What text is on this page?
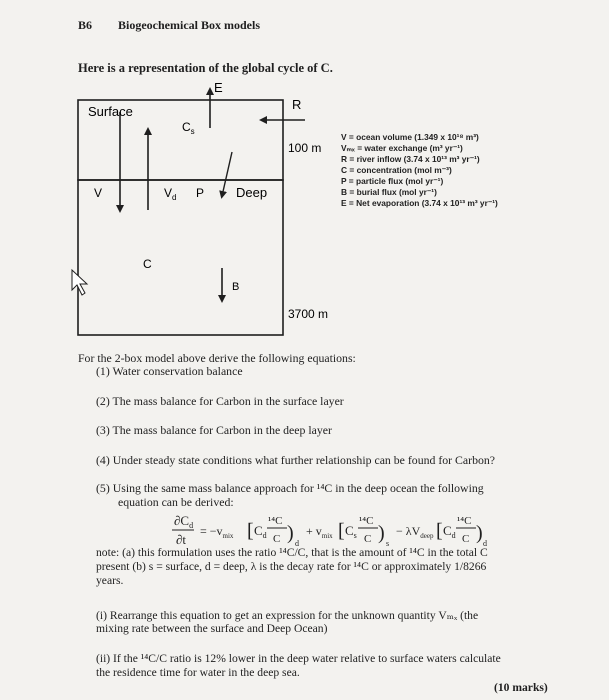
B6 Biogeochemical Box models
Here is a representation of the global cycle of C.
E
R
Surface
$C_s$
100 m
V	$V_d$ P Deep
C
B
3700 m
V = ocean volume (1.349 x 10¹⁸ m³)
Vₘₓ = water exchange (m³ yr⁻¹)
R = river inflow (3.74 x 10¹³ m³ yr⁻¹)
C = concentration (mol m⁻³)
P = particle flux (mol yr⁻¹)
B = burial flux (mol yr⁻¹)
E = Net evaporation (3.74 x 10¹³ m³ yr⁻¹)
For the 2-box model above derive the following equations:
(1) Water conservation balance
(2) The mass balance for Carbon in the surface layer
(3) The mass balance for Carbon in the deep layer
(4) Under steady state conditions what further relationship can be found for Carbon?
(5) Using the same mass balance approach for ¹⁴C in the deep ocean the following
equation can be derived:
$\partial C_d$
∂t
= $-v_{mix}$ [ $C_d$
¹⁴C
C ) d
+ $v_{mix}$ [ $C_s$
¹⁴C
C ) s
− $\lambda V_{deep}$ [ $C_d$
¹⁴C
C ) d
note: (a) this formulation uses the ratio ¹⁴C/C, that is the amount of ¹⁴C in the total C
present (b) s = surface, d = deep, λ is the decay rate for ¹⁴C or approximately 1/8266
years.
(i) Rearrange this equation to get an expression for the unknown quantity Vₘₓ (the
mixing rate between the surface and Deep Ocean)
(ii) If the ¹⁴C/C ratio is 12% lower in the deep water relative to surface waters calculate
the residence time for water in the deep sea.
(10 marks)
